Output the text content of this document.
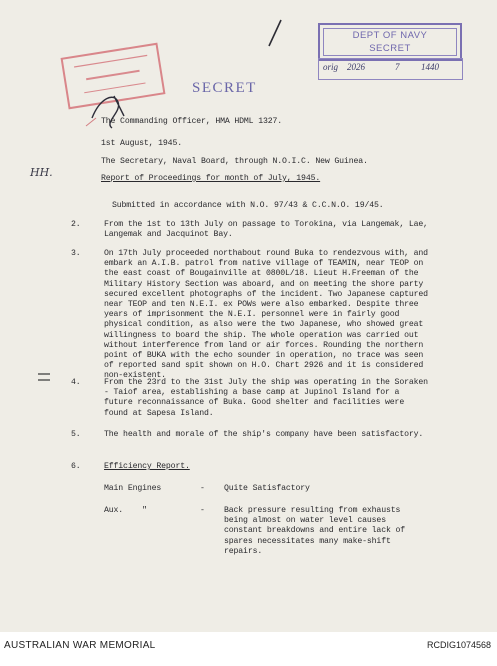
DEPT OF NAVY
SECRET
orig 2026	7 1440
SECRET
HH.
The Commanding Officer, HMA HDML 1327.
1st August, 1945.
The Secretary, Naval Board, through N.O.I.C. New Guinea.
Report of Proceedings for month of July, 1945.
Submitted in accordance with N.O. 97/43 & C.C.N.O. 19/45.
2.	From the 1st to 13th July on passage to Torokina, via Langemak, Lae, Langemak and Jacquinot Bay.
3.	On 17th July proceeded northabout round Buka to rendezvous with, and embark an A.I.B. patrol from native village of TEAMIN, near TEOP on the east coast of Bougainville at 0800L/18. Lieut H.Freeman of the Military History Section was aboard, and on meeting the shore party secured excellent photographs of the incident. Two Japanese captured near TEOP and ten N.E.I. ex POWs were also embarked. Despite three years of imprisonment the N.E.I. personnel were in fairly good physical condition, as also were the two Japanese, who showed great willingness to board the ship. The whole operation was carried out without interference from land or air forces. Rounding the northern point of BUKA with the echo sounder in operation, no trace was seen of reported sand spit shown on H.O. Chart 2926 and it is considered non-existent.
4.	From the 23rd to the 31st July the ship was operating in the Soraken - Taiof area, establishing a base camp at Jupinol Island for a future reconnaissance of Buka. Good shelter and facilities were found at Sapesa Island.
5.	The health and morale of the ship's company have been satisfactory.
6.	Efficiency Report.
Main Engines	- Quite Satisfactory
Aux.    "	- Back pressure resulting from exhausts being almost on water level causes constant breakdowns and entire lack of spares necessitates many make-shift repairs.
AUSTRALIAN WAR MEMORIAL	RCDIG1074568
